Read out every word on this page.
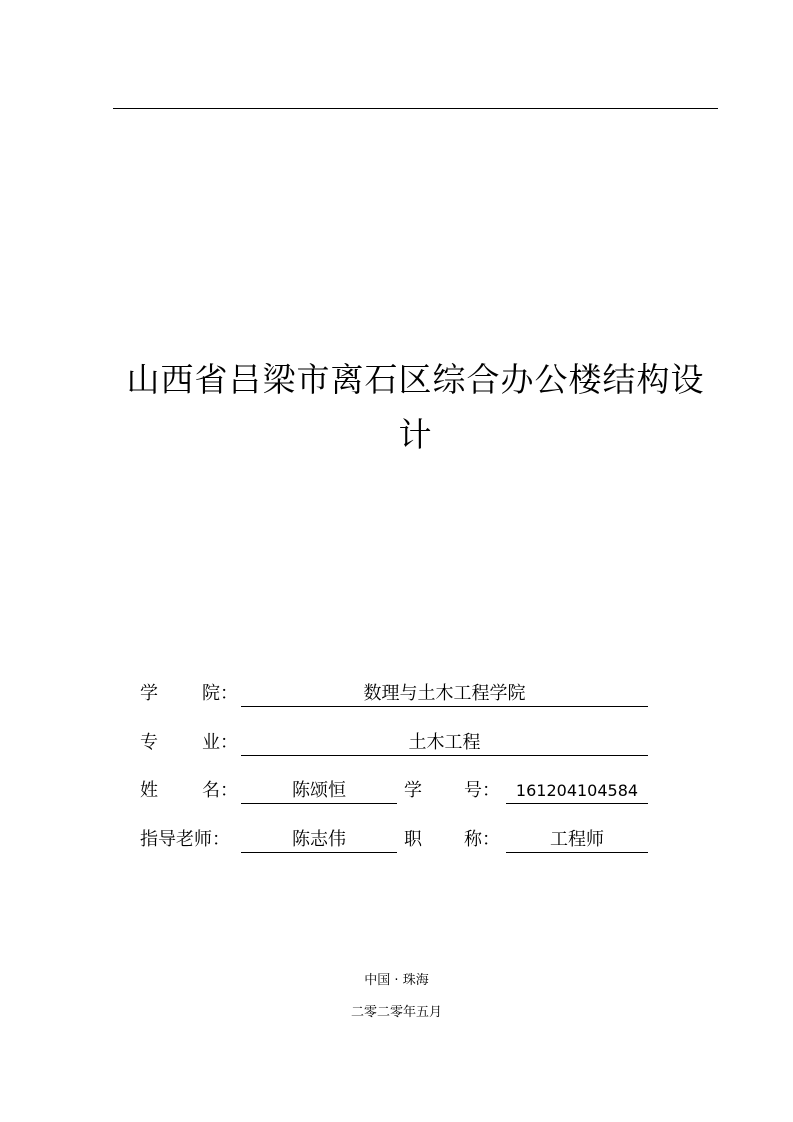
山西省吕梁市离石区综合办公楼结构设
计
学 院：	数理与土木工程学院
专 业：	土木工程
姓 名：	陈颂恒	学 号： 161204104584
指导老师：	陈志伟	职 称：	工程师
中国 · 珠海
二零二零年五月
